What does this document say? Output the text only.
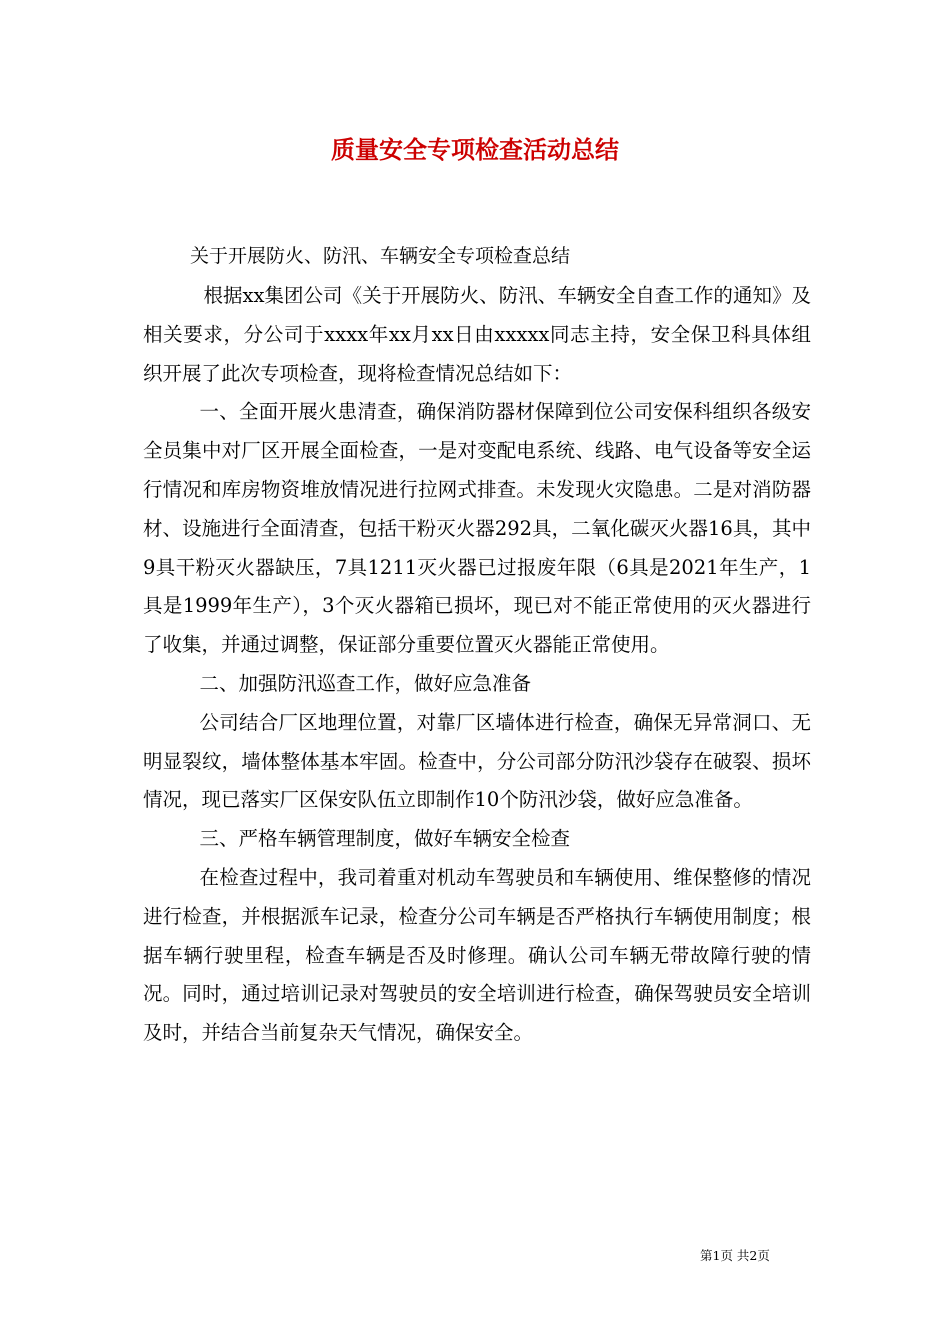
质量安全专项检查活动总结
关于开展防火、防汛、车辆安全专项检查总结

根据xx集团公司《关于开展防火、防汛、车辆安全自查工作的通知》及相关要求，分公司于xxxx年xx月xx日由xxxxx同志主持，安全保卫科具体组织开展了此次专项检查，现将检查情况总结如下：

一、全面开展火患清查，确保消防器材保障到位公司安保科组织各级安全员集中对厂区开展全面检查，一是对变配电系统、线路、电气设备等安全运行情况和库房物资堆放情况进行拉网式排查。未发现火灾隐患。二是对消防器材、设施进行全面清查，包括干粉灭火器292具，二氧化碳灭火器16具，其中9具干粉灭火器缺压，7具1211灭火器已过报废年限（6具是2021年生产，1具是1999年生产），3个灭火器箱已损坏，现已对不能正常使用的灭火器进行了收集，并通过调整，保证部分重要位置灭火器能正常使用。

二、加强防汛巡查工作，做好应急准备

公司结合厂区地理位置，对靠厂区墙体进行检查，确保无异常洞口、无明显裂纹，墙体整体基本牢固。检查中，分公司部分防汛沙袋存在破裂、损坏情况，现已落实厂区保安队伍立即制作10个防汛沙袋，做好应急准备。

三、严格车辆管理制度，做好车辆安全检查

在检查过程中，我司着重对机动车驾驶员和车辆使用、维保整修的情况进行检查，并根据派车记录，检查分公司车辆是否严格执行车辆使用制度；根据车辆行驶里程，检查车辆是否及时修理。确认公司车辆无带故障行驶的情况。同时，通过培训记录对驾驶员的安全培训进行检查，确保驾驶员安全培训及时，并结合当前复杂天气情况，确保安全。

第1页 共2页
